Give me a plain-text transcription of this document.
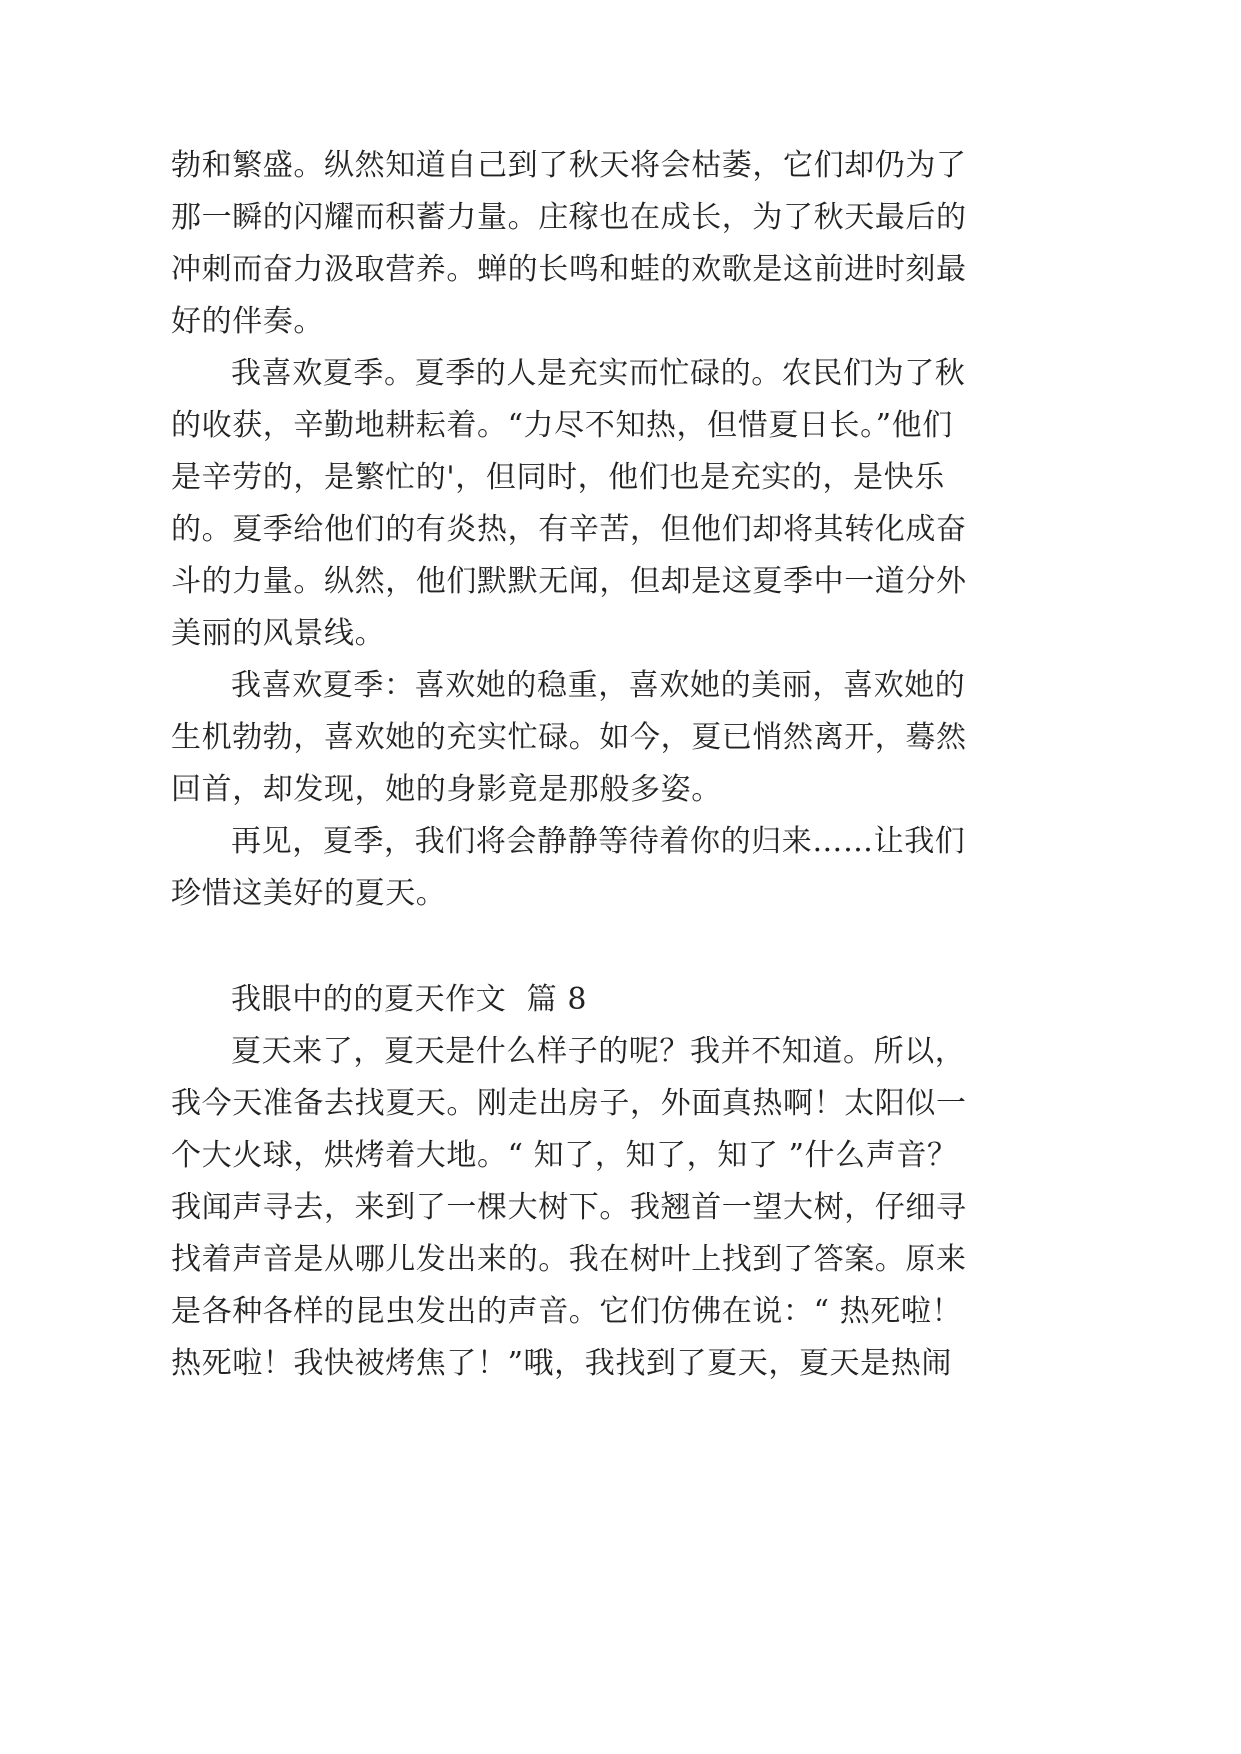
勃和繁盛。纵然知道自己到了秋天将会枯萎，它们却仍为了
那一瞬的闪耀而积蓄力量。庄稼也在成长，为了秋天最后的
冲刺而奋力汲取营养。蝉的长鸣和蛙的欢歌是这前进时刻最
好的伴奏。
我喜欢夏季。夏季的人是充实而忙碌的。农民们为了秋
的收获，辛勤地耕耘着。“力尽不知热，但惜夏日长。”他们
是辛劳的，是繁忙的'，但同时，他们也是充实的，是快乐
的。夏季给他们的有炎热，有辛苦，但他们却将其转化成奋
斗的力量。纵然，他们默默无闻，但却是这夏季中一道分外
美丽的风景线。
我喜欢夏季：喜欢她的稳重，喜欢她的美丽，喜欢她的
生机勃勃，喜欢她的充实忙碌。如今，夏已悄然离开，蓦然
回首，却发现，她的身影竟是那般多姿。
再见，夏季，我们将会静静等待着你的归来……让我们
珍惜这美好的夏天。
我眼中的的夏天作文  篇 8
夏天来了，夏天是什么样子的呢？我并不知道。所以，
我今天准备去找夏天。刚走出房子，外面真热啊！太阳似一
个大火球，烘烤着大地。“ 知了，知了，知了 ”什么声音？
我闻声寻去，来到了一棵大树下。我翘首一望大树，仔细寻
找着声音是从哪儿发出来的。我在树叶上找到了答案。原来
是各种各样的昆虫发出的声音。它们仿佛在说：“ 热死啦！
热死啦！我快被烤焦了！”哦，我找到了夏天，夏天是热闹
